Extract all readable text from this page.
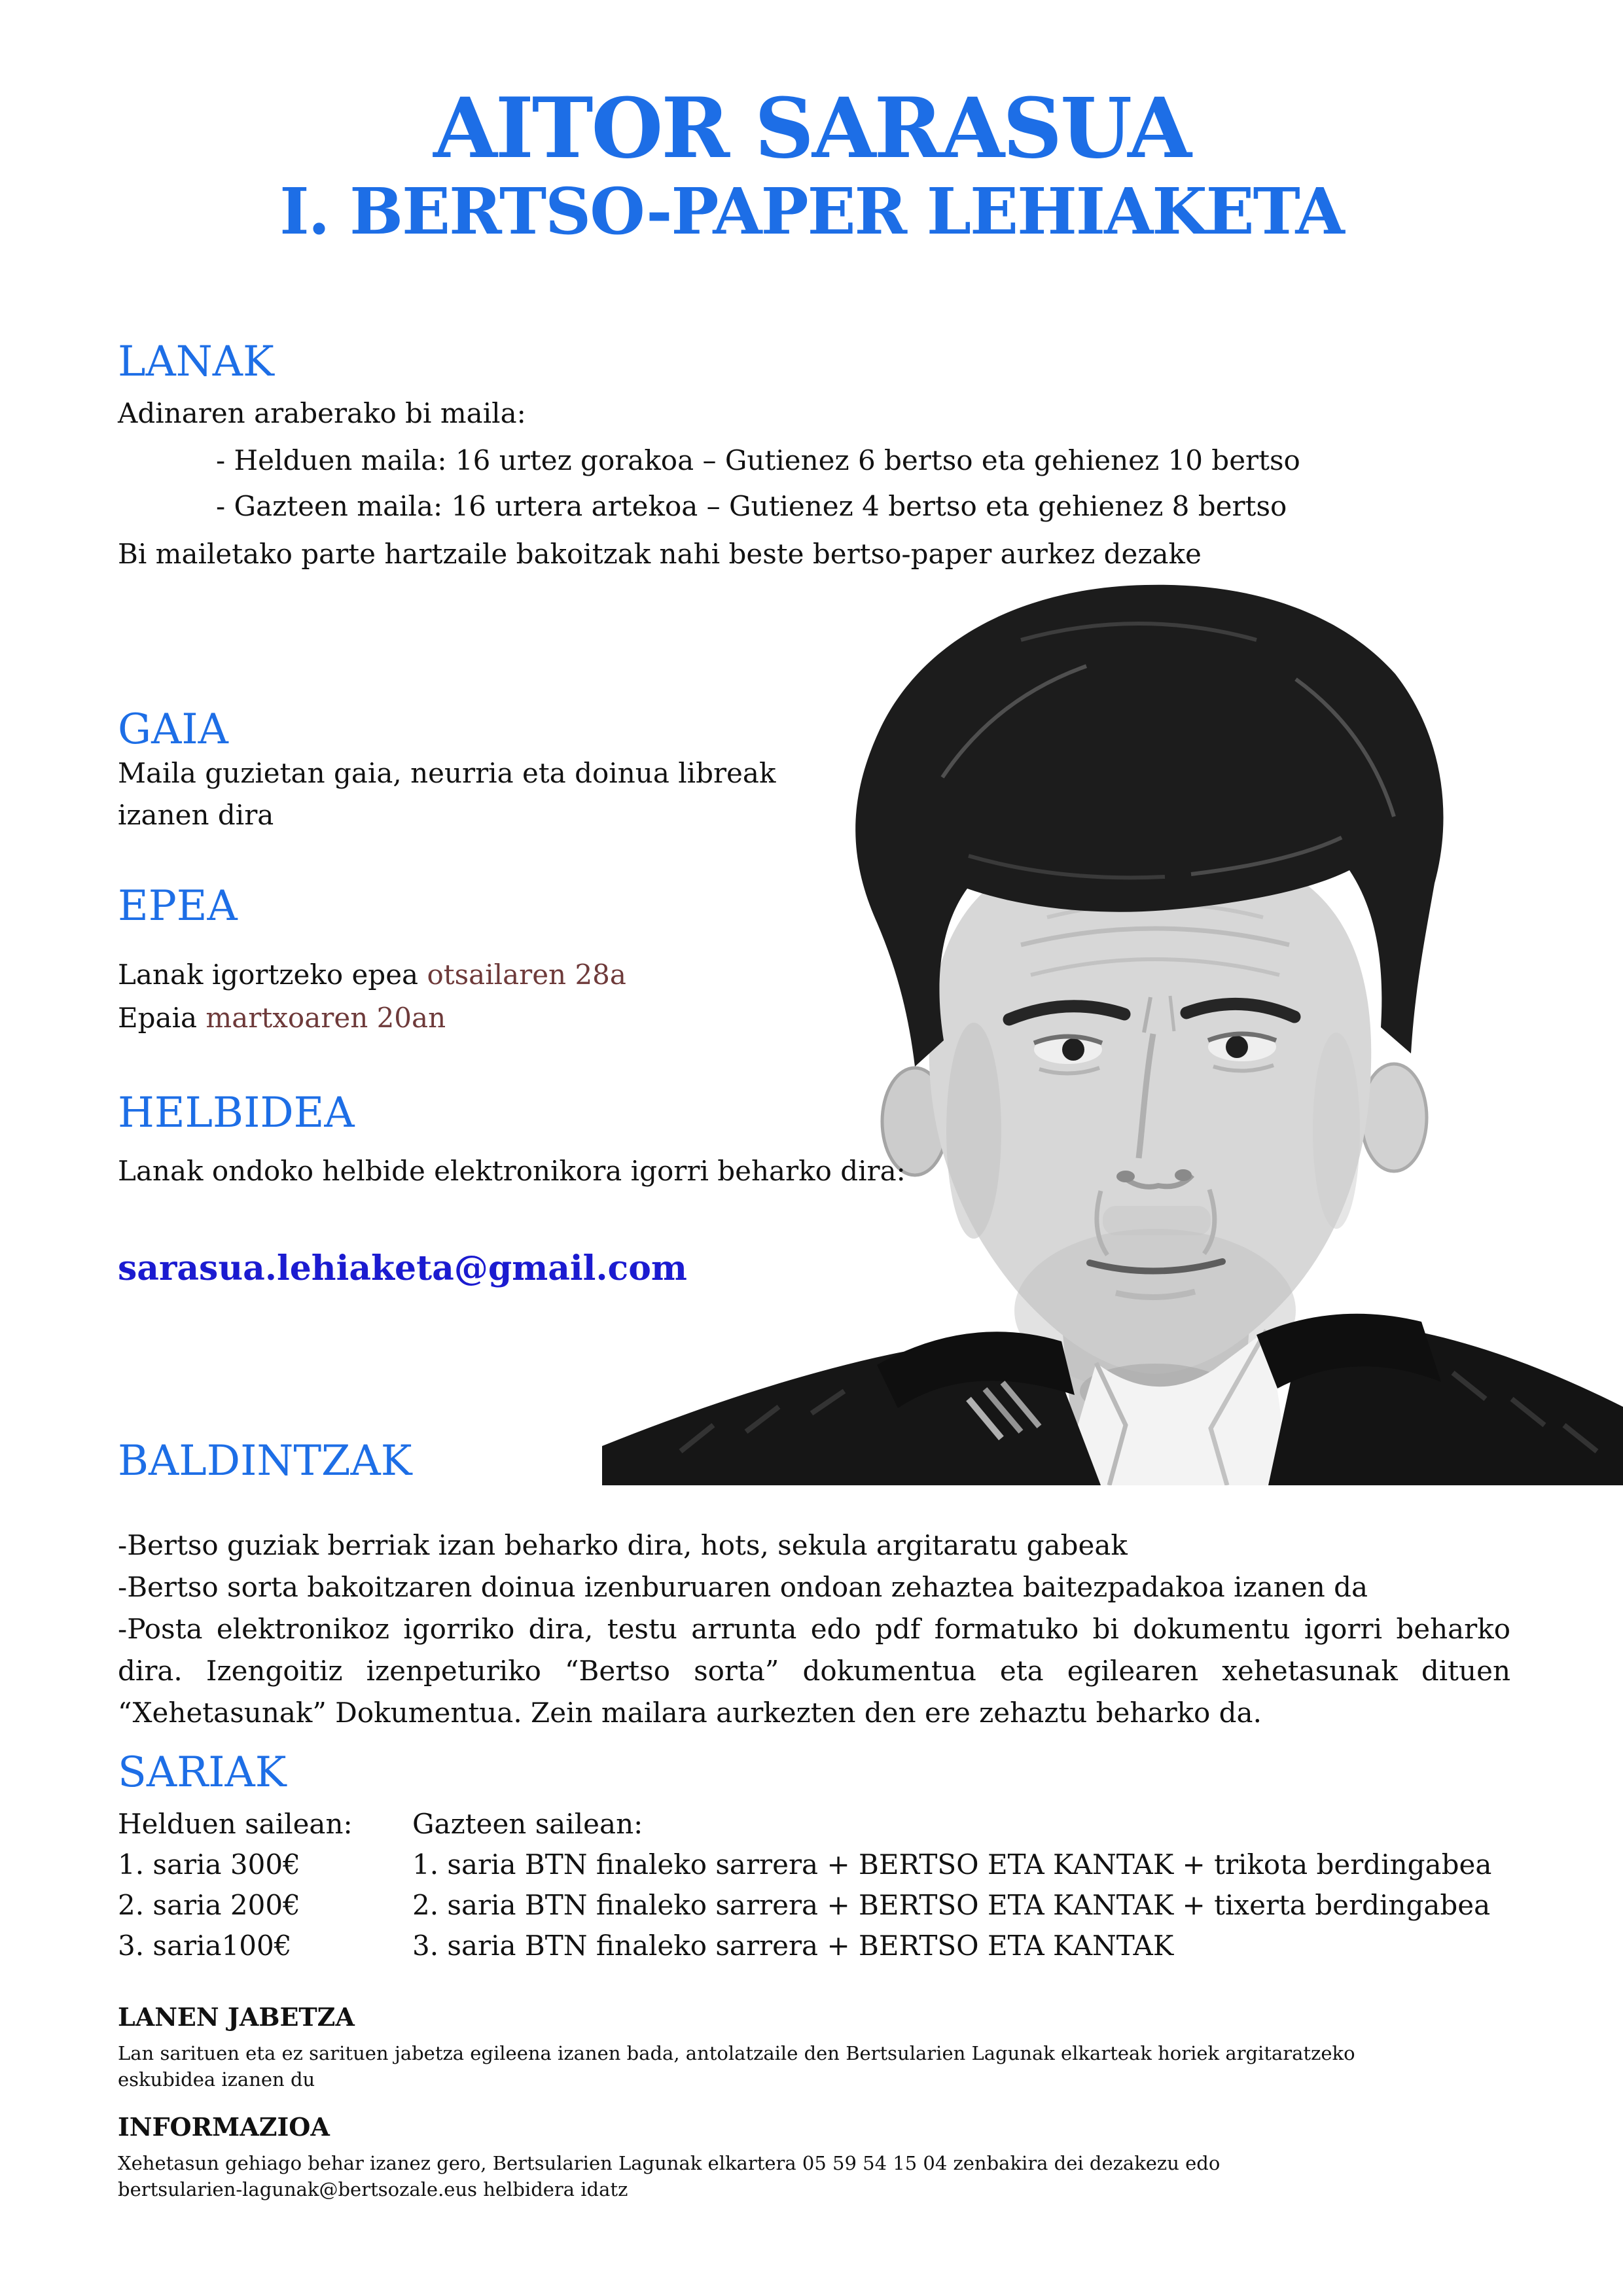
AITOR SARASUA
I. BERTSO-PAPER LEHIAKETA
LANAK
Adinaren araberako bi maila:
- Helduen maila: 16 urtez gorakoa – Gutienez 6 bertso eta gehienez 10 bertso
- Gazteen maila: 16 urtera artekoa – Gutienez 4 bertso eta gehienez 8 bertso
Bi mailetako parte hartzaile bakoitzak nahi beste bertso-paper aurkez dezake
GAIA
Maila guzietan gaia, neurria eta doinua libreak izanen dira
EPEA
Lanak igortzeko epea otsailaren 28a
Epaia martxoaren 20an
HELBIDEA
Lanak ondoko helbide elektronikora igorri beharko dira:
sarasua.lehiaketa@gmail.com
BALDINTZAK
-Bertso guziak berriak izan beharko dira, hots, sekula argitaratu gabeak
-Bertso sorta bakoitzaren doinua izenburuaren ondoan zehaztea baitezpadakoa izanen da
-Posta elektronikoz igorriko dira, testu arrunta edo pdf formatuko bi dokumentu igorri beharko dira. Izengoitiz izenpeturiko “Bertso sorta” dokumentua eta egilearen xehetasunak dituen “Xehetasunak” Dokumentua. Zein mailara aurkezten den ere zehaztu beharko da.
SARIAK
Helduen sailean: Gazteen sailean:
1. saria 300€
2. saria 200€
3. saria100€
1. saria BTN finaleko sarrera + BERTSO ETA KANTAK + trikota berdingabea
2. saria BTN finaleko sarrera + BERTSO ETA KANTAK + tixerta berdingabea
3. saria BTN finaleko sarrera + BERTSO ETA KANTAK
LANEN JABETZA
Lan sarituen eta ez sarituen jabetza egileena izanen bada, antolatzaile den Bertsularien Lagunak elkarteak horiek argitaratzeko eskubidea izanen du
INFORMAZIOA
Xehetasun gehiago behar izanez gero, Bertsularien Lagunak elkartera 05 59 54 15 04 zenbakira dei dezakezu edo bertsularien-lagunak@bertsozale.eus helbidera idatz
